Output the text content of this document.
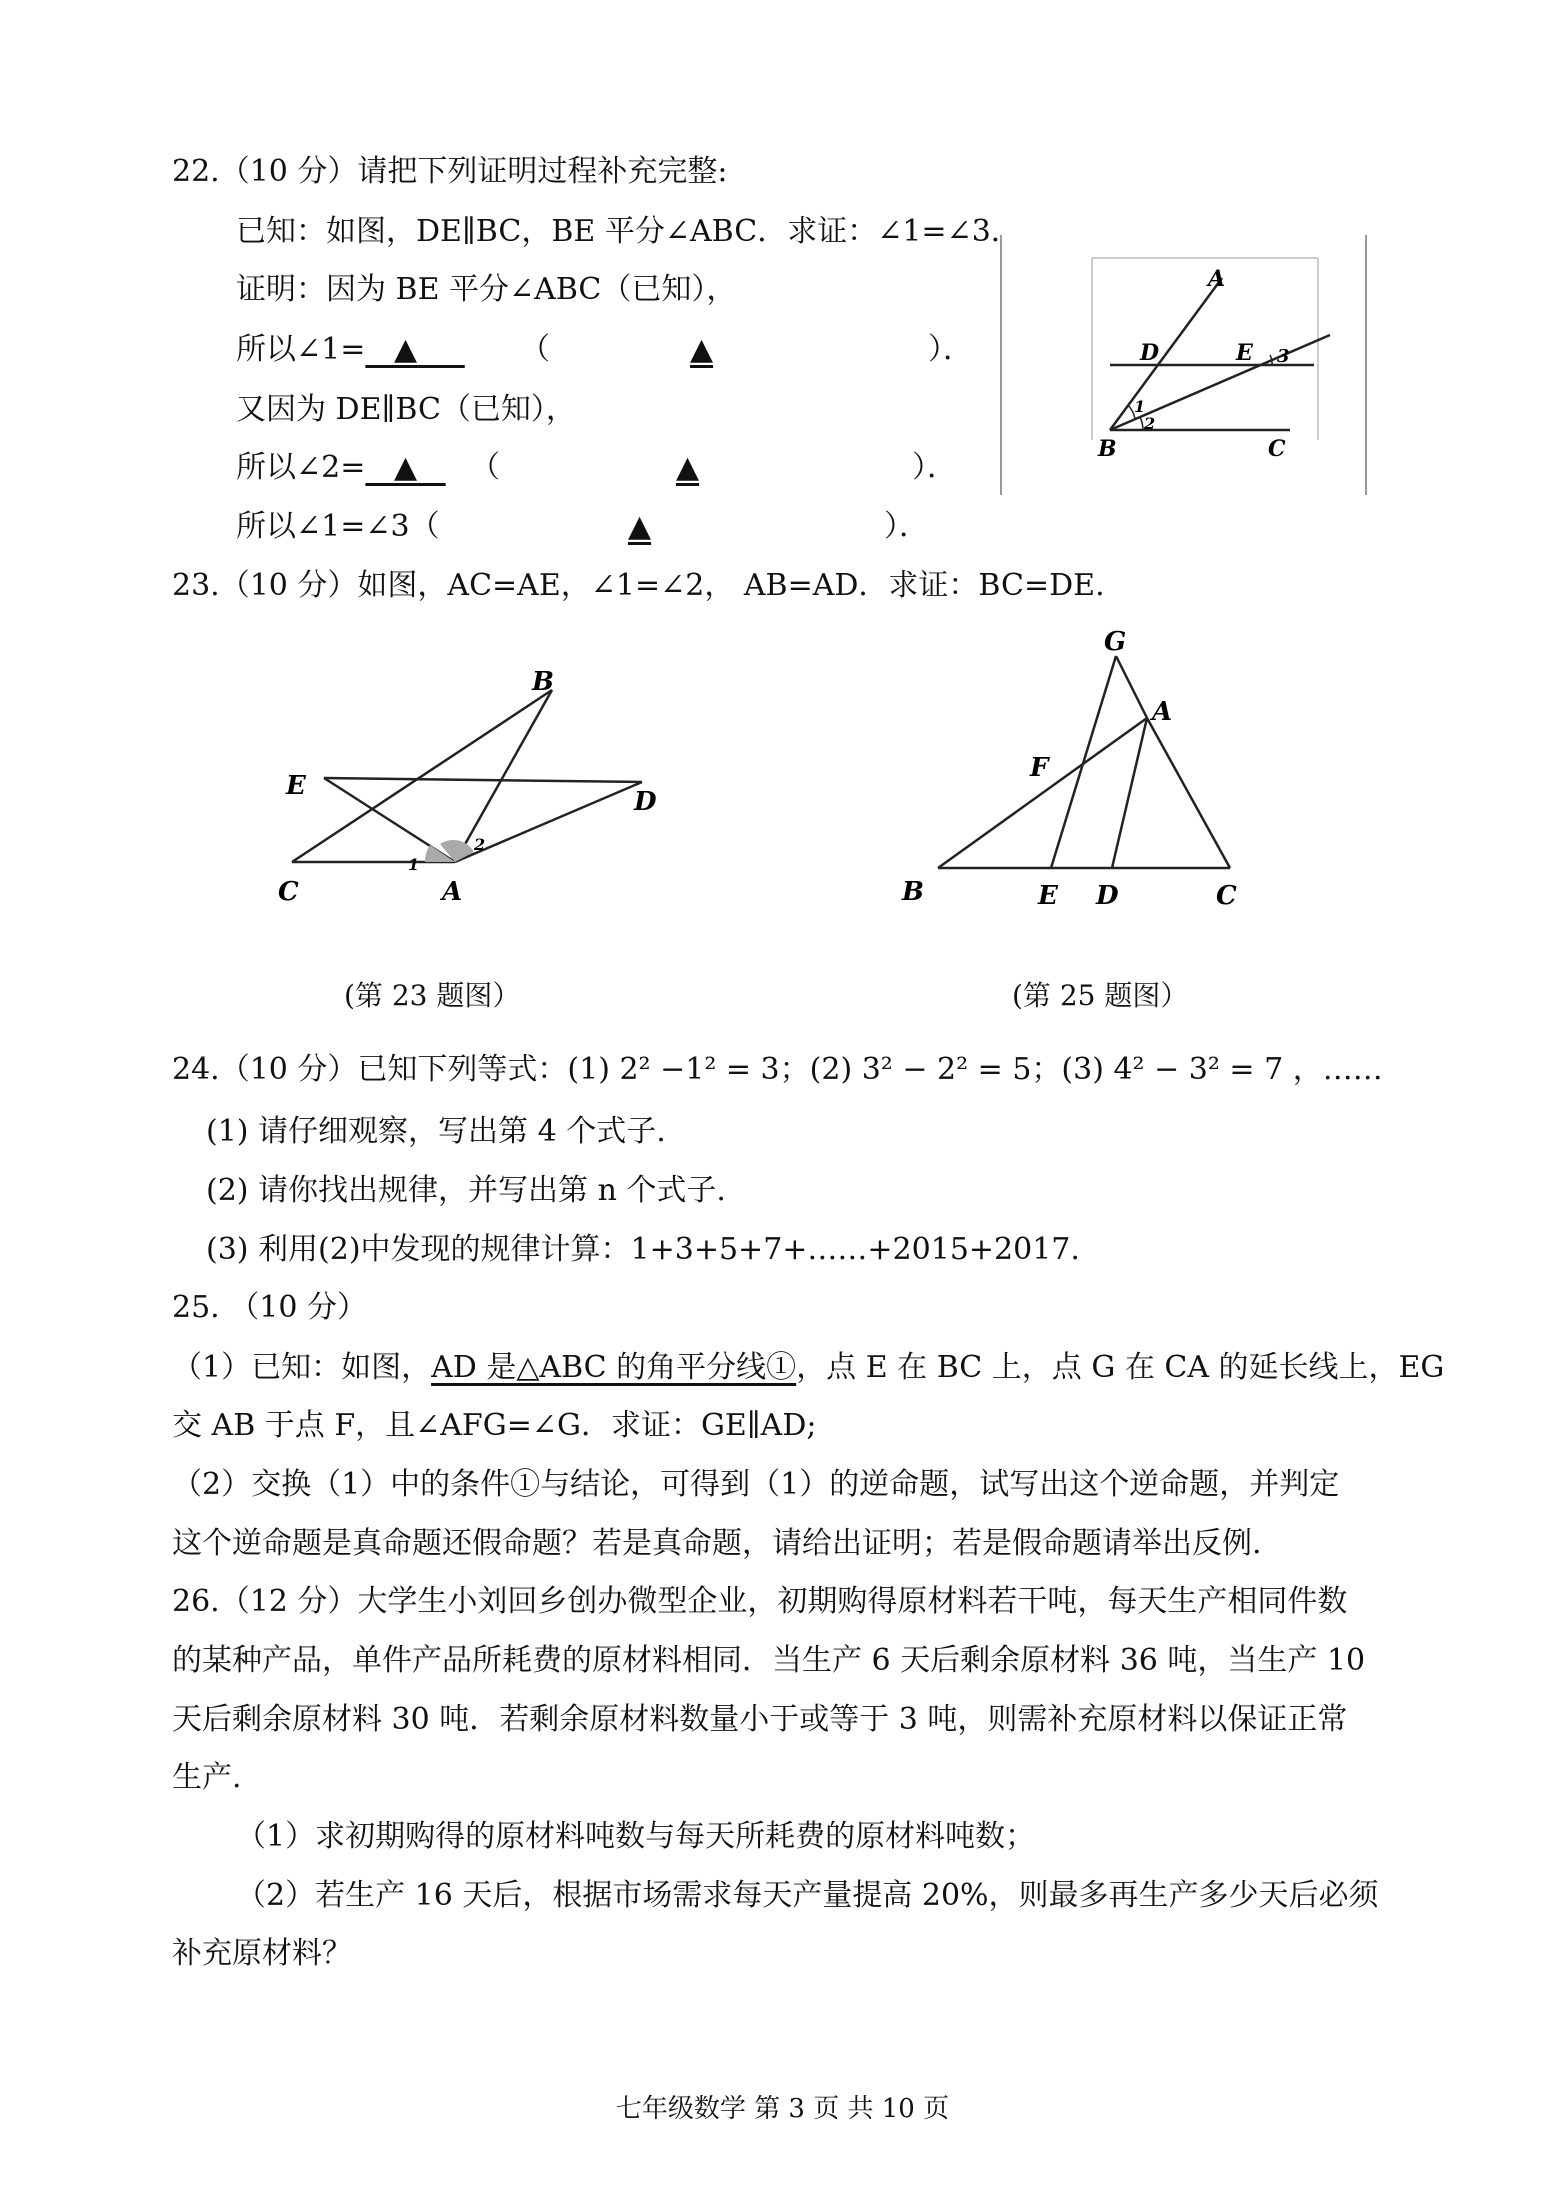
22.（10 分）请把下列证明过程补充完整:
已知：如图，DE∥BC，BE 平分∠ABC．求证：∠1=∠3．
证明：因为 BE 平分∠ABC（已知），
所以∠1= ▲	（	▲	）．
又因为 DE∥BC（已知），
所以∠2= ▲	（	▲	）．
所以∠1=∠3（	▲	）．
A
D	E
B	C
1
2
3
23.（10 分）如图，AC=AE，∠1=∠2， AB=AD．求证：BC=DE.
B
E
D
C	A
1
2
G
A
F
B	E D	C
(第 23 题图）	(第 25 题图）
24.（10 分）已知下列等式：(1) 2² −1² = 3；(2) 3² − 2² = 5；(3) 4² − 3² = 7 ，……
(1) 请仔细观察，写出第 4 个式子.
(2) 请你找出规律，并写出第 n 个式子.
(3) 利用(2)中发现的规律计算：1+3+5+7+……+2015+2017.
25. （10 分）
（1）已知：如图，AD 是△ABC 的角平分线①，点 E 在 BC 上，点 G 在 CA 的延长线上，EG
交 AB 于点 F，且∠AFG=∠G．求证：GE∥AD;
（2）交换（1）中的条件①与结论，可得到（1）的逆命题，试写出这个逆命题，并判定
这个逆命题是真命题还假命题？若是真命题，请给出证明；若是假命题请举出反例.
26.（12 分）大学生小刘回乡创办微型企业，初期购得原材料若干吨，每天生产相同件数
的某种产品，单件产品所耗费的原材料相同．当生产 6 天后剩余原材料 36 吨，当生产 10
天后剩余原材料 30 吨．若剩余原材料数量小于或等于 3 吨，则需补充原材料以保证正常
生产.
（1）求初期购得的原材料吨数与每天所耗费的原材料吨数；
（2）若生产 16 天后，根据市场需求每天产量提高 20%，则最多再生产多少天后必须
补充原材料？
七年级数学 第 3 页 共 10 页
